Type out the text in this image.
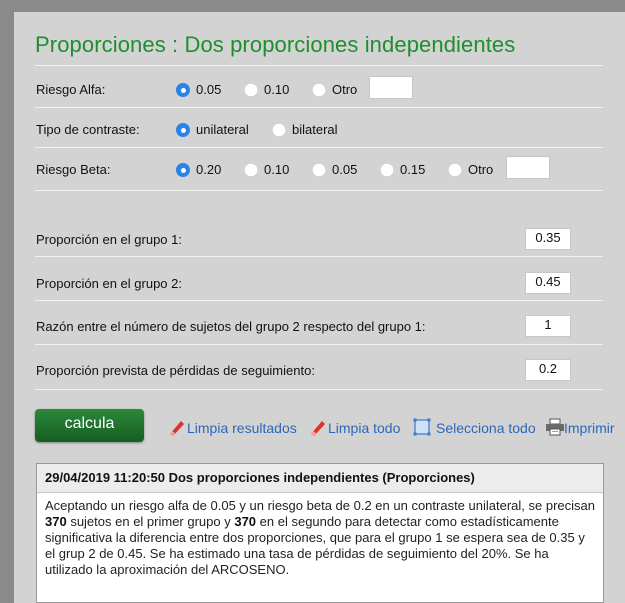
Proporciones : Dos proporciones independientes
Riesgo Alfa:	0.05	0.10	Otro
Tipo de contraste:	unilateral	bilateral
Riesgo Beta:	0.20	0.10	0.05	0.15	Otro
Proporción en el grupo 1:	0.35
Proporción en el grupo 2:	0.45
Razón entre el número de sujetos del grupo 2 respecto del grupo 1:	1
Proporción prevista de pérdidas de seguimiento:	0.2
calcula	Limpia resultados Limpia todo	Selecciona todo Imprimir
29/04/2019 11:20:50 Dos proporciones independientes (Proporciones)
Aceptando un riesgo alfa de 0.05 y un riesgo beta de 0.2 en un contraste unilateral, se precisan 370 sujetos en el primer grupo y 370 en el segundo para detectar como estadísticamente significativa la diferencia entre dos proporciones, que para el grupo 1 se espera sea de 0.35 y el grup 2 de 0.45. Se ha estimado una tasa de pérdidas de seguimiento del 20%. Se ha utilizado la aproximación del ARCOSENO.
